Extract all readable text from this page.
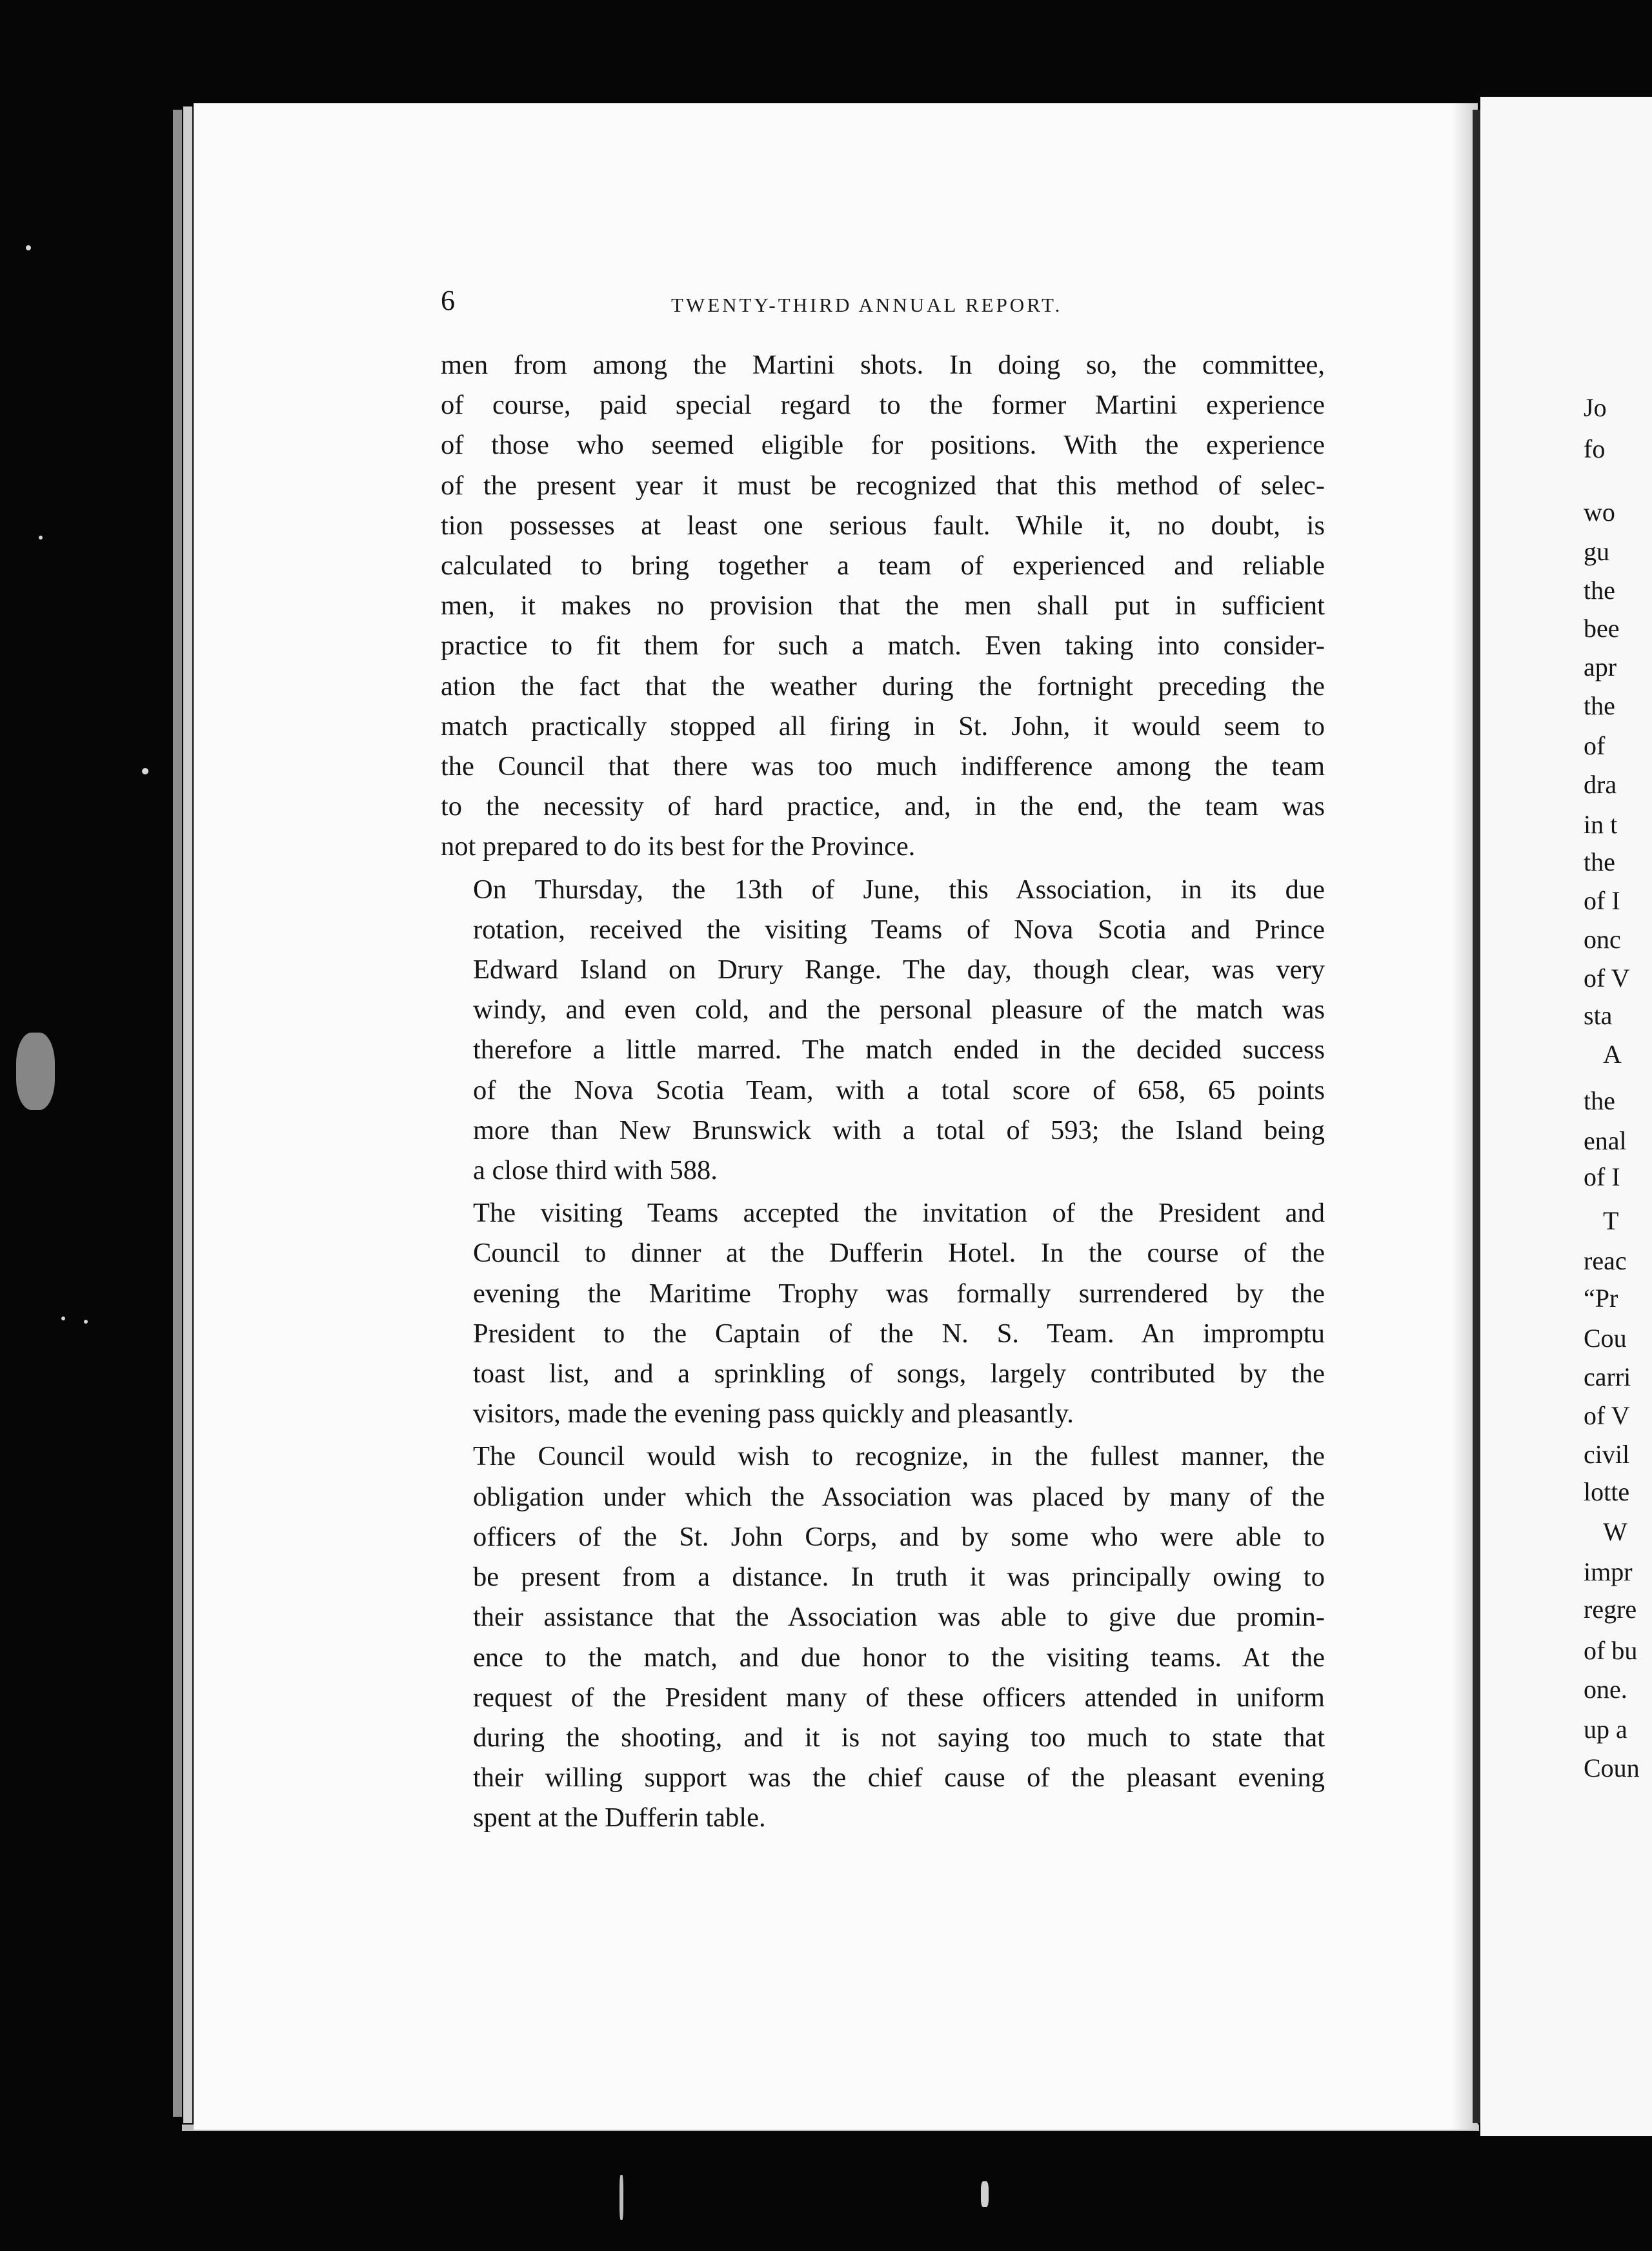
Jo
fo
wo
gu
the
bee
apr
the
of
dra
in t
the
of I
onc
of V
sta
A
the
enal
of I
T
reac
“Pr
Cou
carri
of V
civil
lotte
W
impr
regre
of bu
one.
up a
Coun
6	TWENTY-THIRD ANNUAL REPORT.

men from among the Martini shots. In doing so, the committee,
of course, paid special regard to the former Martini experience
of those who seemed eligible for positions. With the experience
of the present year it must be recognized that this method of selec-
tion possesses at least one serious fault. While it, no doubt, is
calculated to bring together a team of experienced and reliable
men, it makes no provision that the men shall put in sufficient
practice to fit them for such a match. Even taking into consider-
ation the fact that the weather during the fortnight preceding the
match practically stopped all firing in St. John, it would seem to
the Council that there was too much indifference among the team
to the necessity of hard practice, and, in the end, the team was
not prepared to do its best for the Province.

On Thursday, the 13th of June, this Association, in its due
rotation, received the visiting Teams of Nova Scotia and Prince
Edward Island on Drury Range. The day, though clear, was very
windy, and even cold, and the personal pleasure of the match was
therefore a little marred. The match ended in the decided success
of the Nova Scotia Team, with a total score of 658, 65 points
more than New Brunswick with a total of 593; the Island being
a close third with 588.

The visiting Teams accepted the invitation of the President and
Council to dinner at the Dufferin Hotel. In the course of the
evening the Maritime Trophy was formally surrendered by the
President to the Captain of the N. S. Team. An impromptu
toast list, and a sprinkling of songs, largely contributed by the
visitors, made the evening pass quickly and pleasantly.

The Council would wish to recognize, in the fullest manner, the
obligation under which the Association was placed by many of the
officers of the St. John Corps, and by some who were able to
be present from a distance. In truth it was principally owing to
their assistance that the Association was able to give due promin-
ence to the match, and due honor to the visiting teams. At the
request of the President many of these officers attended in uniform
during the shooting, and it is not saying too much to state that
their willing support was the chief cause of the pleasant evening
spent at the Dufferin table.
